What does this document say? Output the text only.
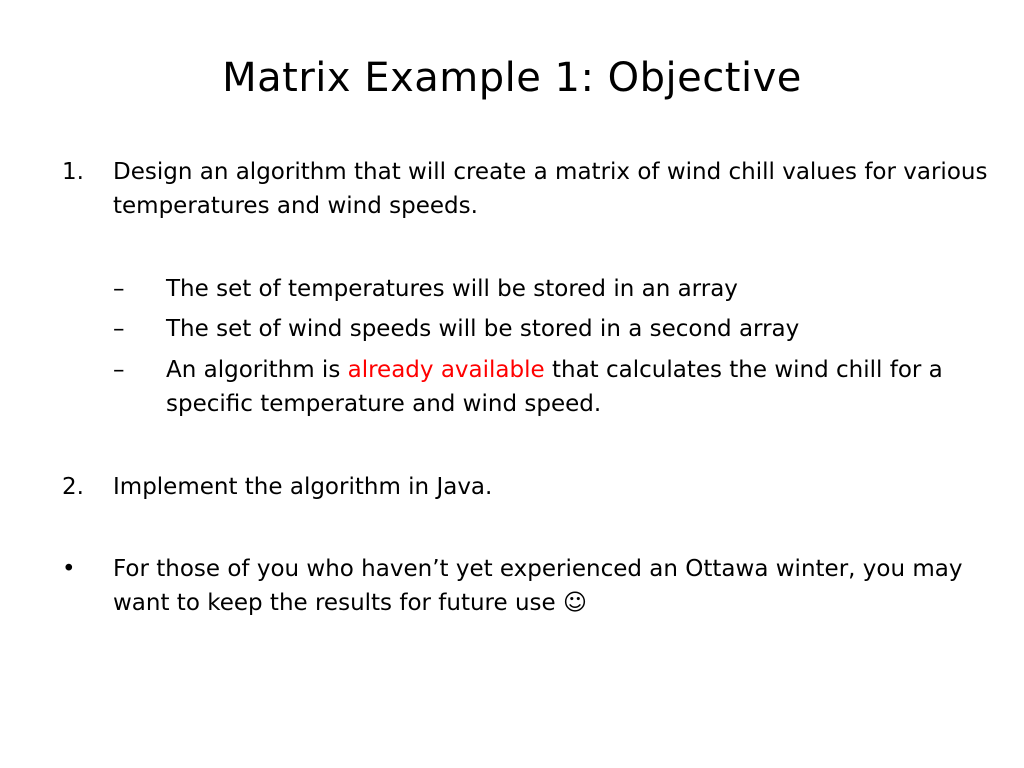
Matrix Example 1: Objective
1. Design an algorithm that will create a matrix of wind chill values for various temperatures and wind speeds.
– The set of temperatures will be stored in an array
– The set of wind speeds will be stored in a second array
– An algorithm is already available that calculates the wind chill for a specific temperature and wind speed.
2. Implement the algorithm in Java.
• For those of you who haven’t yet experienced an Ottawa winter, you may want to keep the results for future use ☺
